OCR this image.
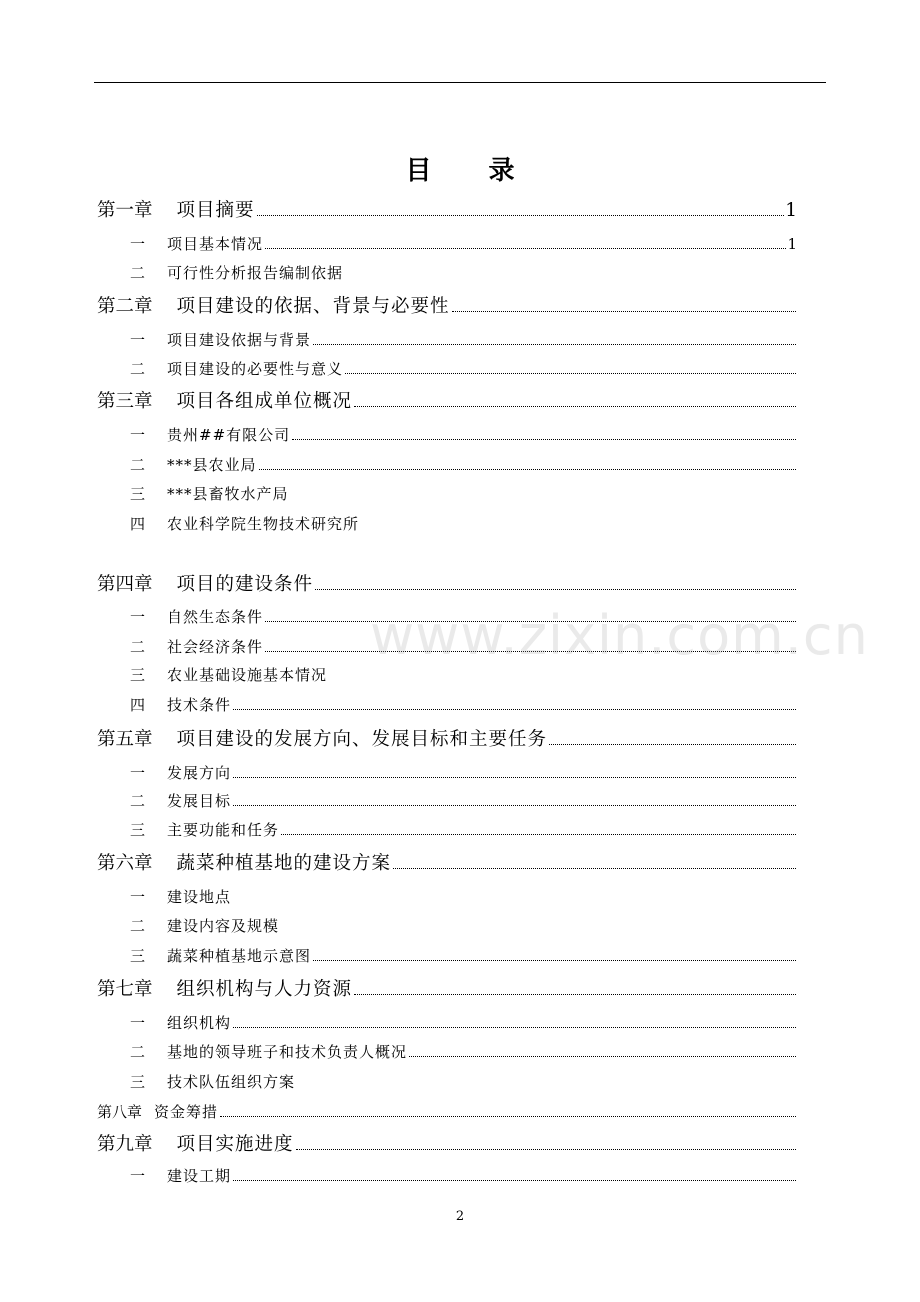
目 录
第一章 项目摘要	1
一	项目基本情况	1
二	可行性分析报告编制依据
第二章 项目建设的依据、背景与必要性
一	项目建设依据与背景
二	项目建设的必要性与意义
第三章 项目各组成单位概况
一	贵州##有限公司
二	***县农业局
三	***县畜牧水产局
四	农业科学院生物技术研究所
第四章 项目的建设条件
一	自然生态条件
二	社会经济条件
三	农业基础设施基本情况
四	技术条件
第五章 项目建设的发展方向、发展目标和主要任务
一	发展方向
二	发展目标
三	主要功能和任务
第六章 蔬菜种植基地的建设方案
一	建设地点
二	建设内容及规模
三	蔬菜种植基地示意图
第七章 组织机构与人力资源
一	组织机构
二	基地的领导班子和技术负责人概况
三	技术队伍组织方案
第八章 资金筹措
第九章 项目实施进度
一	建设工期
www.zixin.com.cn
2
